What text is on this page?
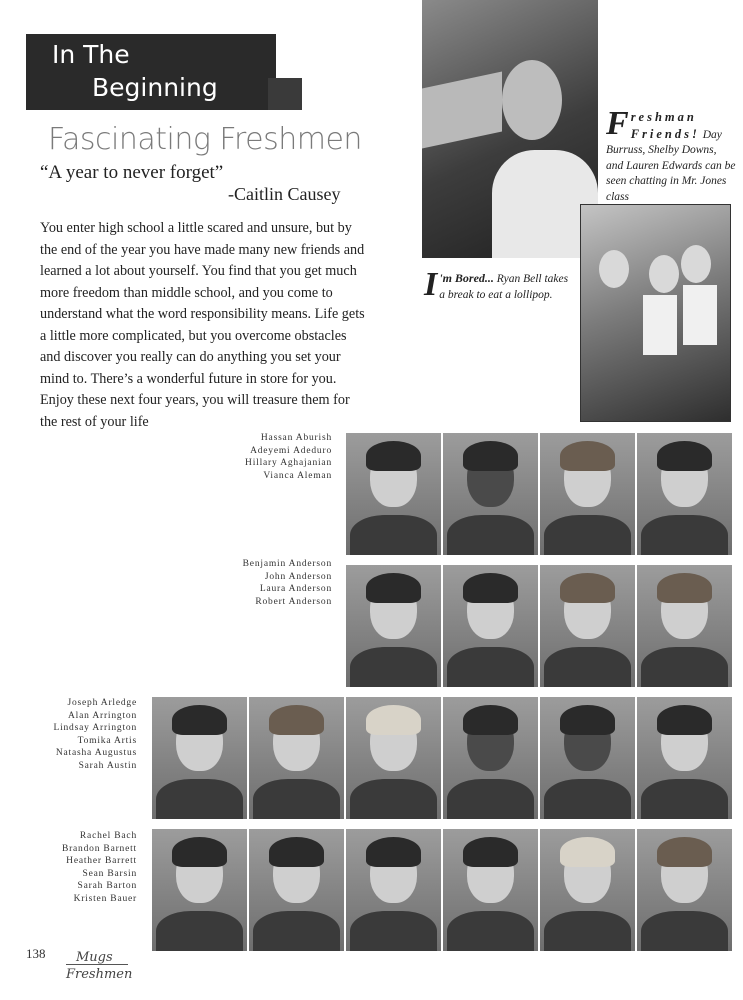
In The
Beginning
Fascinating Freshmen
“A year to never forget”
-Caitlin Causey
You enter high school a little scared and unsure, but by the end of the year you have made many new friends and learned a lot about yourself. You find that you get much more freedom than middle school, and you come to understand what the word responsibility means. Life gets a little more complicated, but you overcome obstacles and discover you really can do anything you set your mind to. There’s a wonderful future in store for you. Enjoy these next four years, you will treasure them for the rest of your life
Freshman Friends! Day Burruss, Shelby Downs, and Lauren Edwards can be seen chatting in Mr. Jones class
I 'm Bored... Ryan Bell takes a break to eat a lollipop.
Hassan Aburish
Adeyemi Adeduro
Hillary Aghajanian
Vianca Aleman
Benjamin Anderson
John Anderson
Laura Anderson
Robert Anderson
Joseph Arledge
Alan Arrington
Lindsay Arrington
Tomika Artis
Natasha Augustus
Sarah Austin
Rachel Bach
Brandon Barnett
Heather Barrett
Sean Barsin
Sarah Barton
Kristen Bauer
138 Mugs
Freshmen
